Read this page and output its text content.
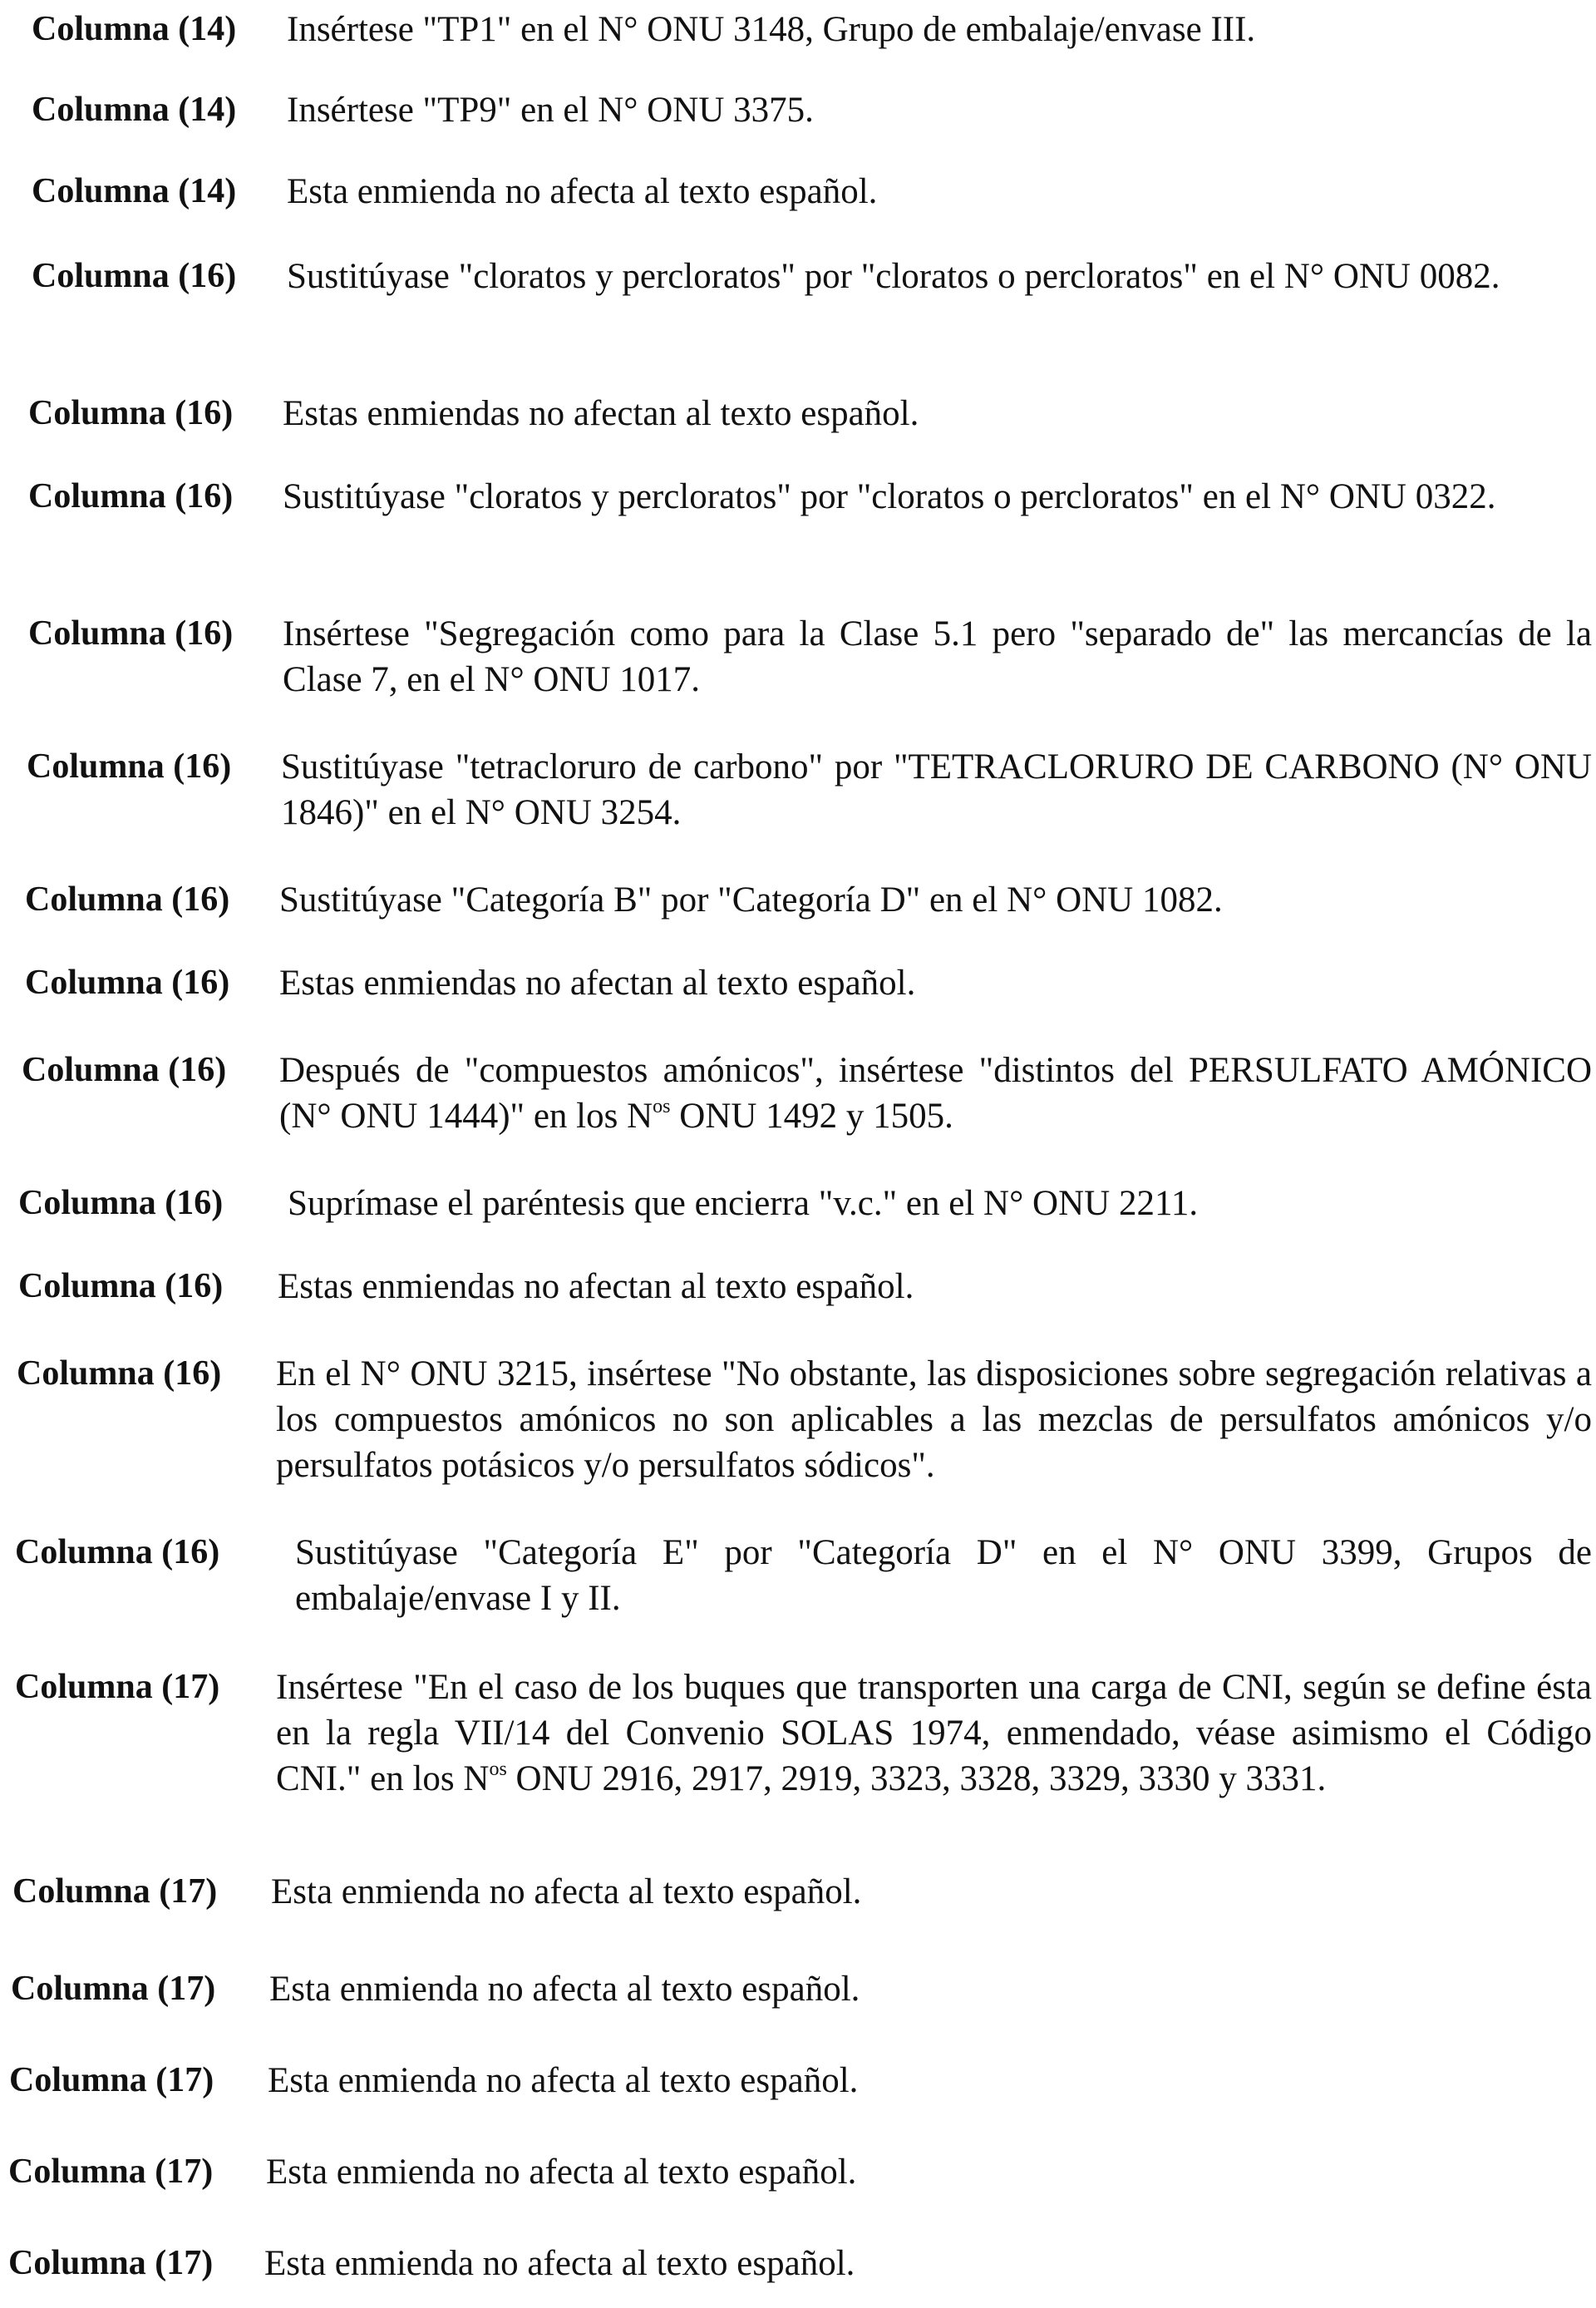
Columna (14) Insértese "TP1" en el N° ONU 3148, Grupo de embalaje/envase III.
Columna (14) Insértese "TP9" en el N° ONU 3375.
Columna (14) Esta enmienda no afecta al texto español.
Columna (16) Sustitúyase "cloratos y percloratos" por "cloratos o percloratos" en el N° ONU 0082.
Columna (16) Estas enmiendas no afectan al texto español.
Columna (16) Sustitúyase "cloratos y percloratos" por "cloratos o percloratos" en el N° ONU 0322.
Columna (16) Insértese "Segregación como para la Clase 5.1 pero "separado de" las mercancías de la Clase 7, en el N° ONU 1017.
Columna (16) Sustitúyase "tetracloruro de carbono" por "TETRACLORURO DE CARBONO (N° ONU 1846)" en el N° ONU 3254.
Columna (16) Sustitúyase "Categoría B" por "Categoría D" en el N° ONU 1082.
Columna (16) Estas enmiendas no afectan al texto español.
Columna (16) Después de "compuestos amónicos", insértese "distintos del PERSULFATO AMÓNICO (N° ONU 1444)" en los $N^{os}$ ONU 1492 y 1505.
Columna (16) Suprímase el paréntesis que encierra "v.c." en el N° ONU 2211.
Columna (16) Estas enmiendas no afectan al texto español.
Columna (16) En el N° ONU 3215, insértese "No obstante, las disposiciones sobre segregación relativas a los compuestos amónicos no son aplicables a las mezclas de persulfatos amónicos y/o persulfatos potásicos y/o persulfatos sódicos".
Columna (16) Sustitúyase "Categoría E" por "Categoría D" en el N° ONU 3399, Grupos de embalaje/envase I y II.
Columna (17) Insértese "En el caso de los buques que transporten una carga de CNI, según se define ésta en la regla VII/14 del Convenio SOLAS 1974, enmendado, véase asimismo el Código CNI." en los $N^{os}$ ONU 2916, 2917, 2919, 3323, 3328, 3329, 3330 y 3331.
Columna (17) Esta enmienda no afecta al texto español.
Columna (17) Esta enmienda no afecta al texto español.
Columna (17) Esta enmienda no afecta al texto español.
Columna (17) Esta enmienda no afecta al texto español.
Columna (17) Esta enmienda no afecta al texto español.
